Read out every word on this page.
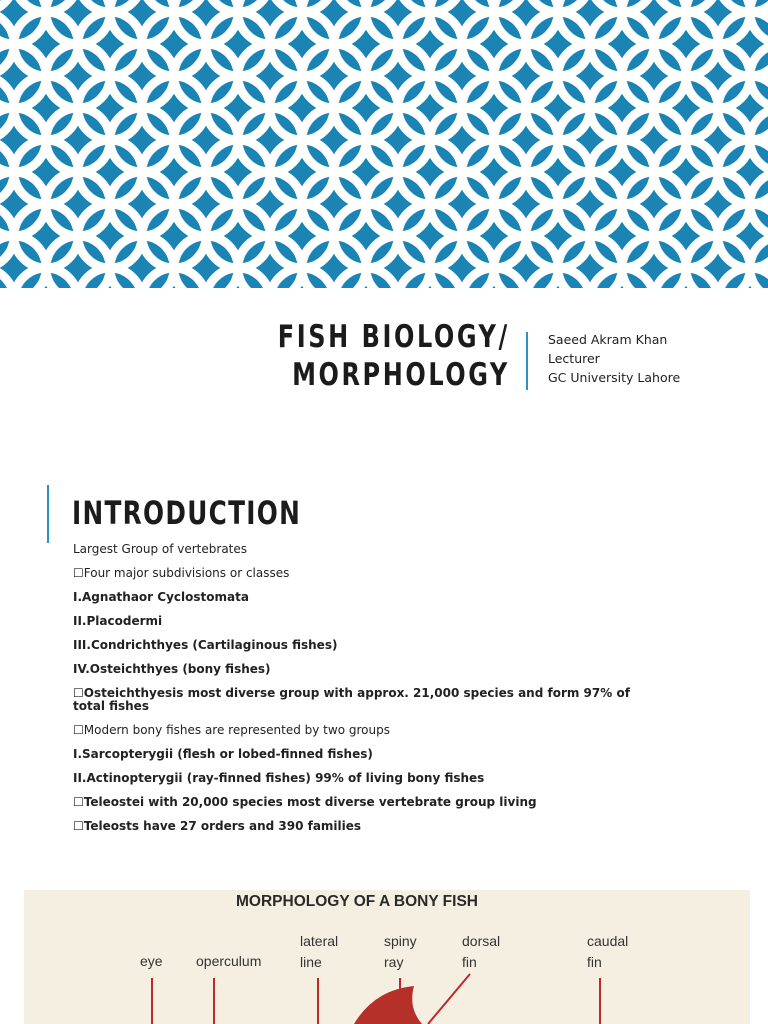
FISH BIOLOGY/
MORPHOLOGY
Saeed Akram Khan
Lecturer
GC University Lahore
INTRODUCTION

Largest Group of vertebrates

☐Four major subdivisions or classes

I.Agnathaor Cyclostomata

II.Placodermi

III.Condrichthyes (Cartilaginous fishes)

IV.Osteichthyes (bony fishes)

☐Osteichthyesis most diverse group with approx. 21,000 species and form 97% of total fishes

☐Modern bony fishes are represented by two groups

I.Sarcopterygii (flesh or lobed-finned fishes)

II.Actinopterygii (ray-finned fishes) 99% of living bony fishes

☐Teleostei with 20,000 species most diverse vertebrate group living

☐Teleosts have 27 orders and 390 families

MORPHOLOGY OF A BONY FISH
eye operculum
lateral
line
spiny
ray
dorsal
fin
caudal
fin
